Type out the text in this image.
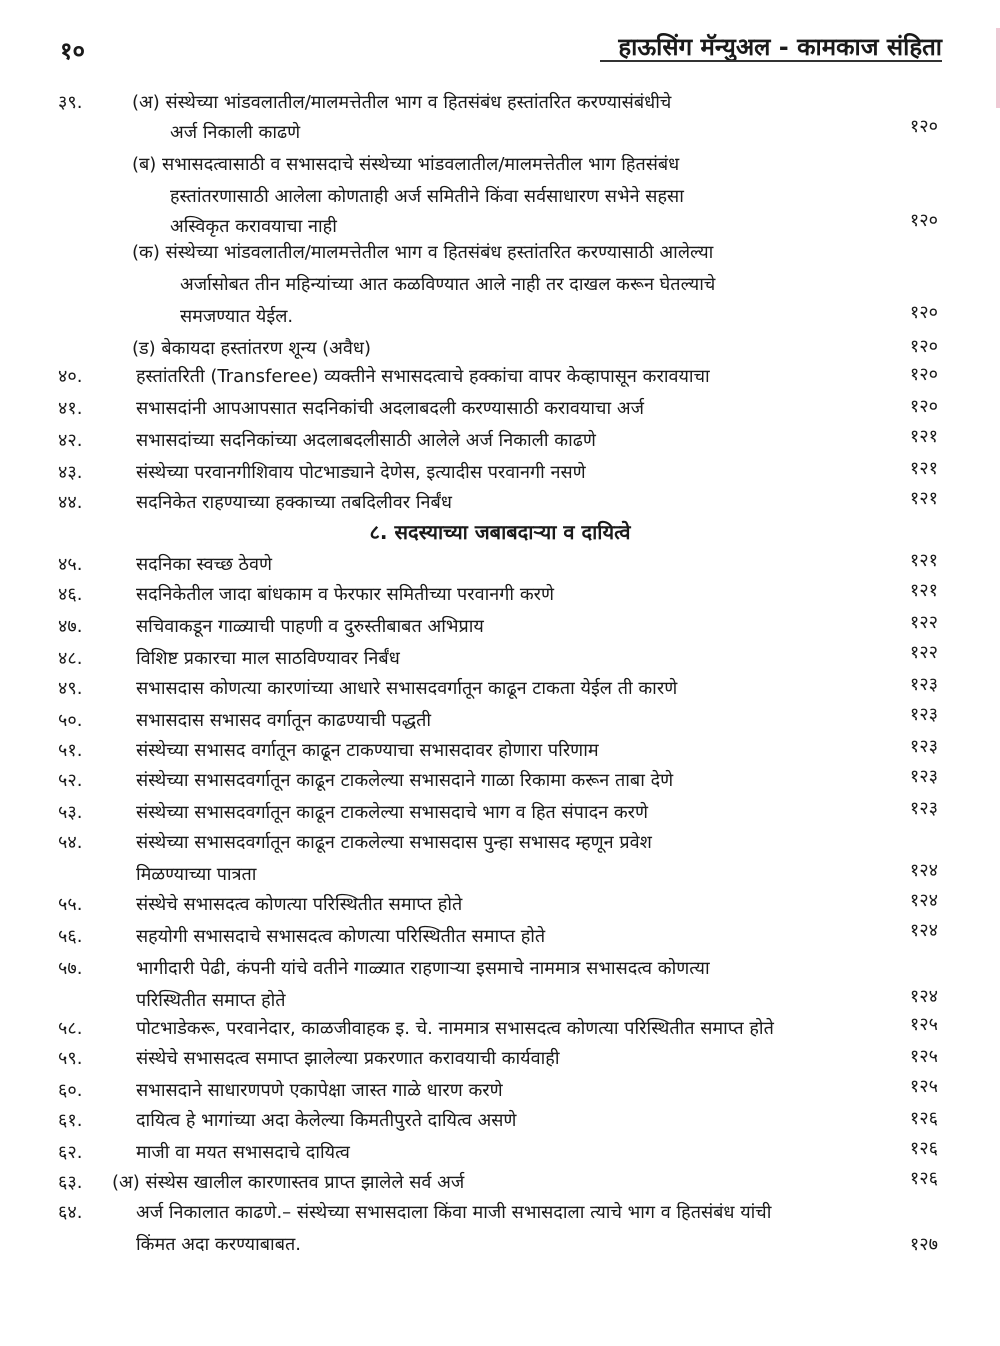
१०	हाऊसिंग मॅन्युअल - कामकाज संहिता
३९.	(अ) संस्थेच्या भांडवलातील/मालमत्तेतील भाग व हितसंबंध हस्तांतरित करण्यासंबंधीचे
अर्ज निकाली काढणे	१२०
(ब) सभासदत्वासाठी व सभासदाचे संस्थेच्या भांडवलातील/मालमत्तेतील भाग हितसंबंध
हस्तांतरणासाठी आलेला कोणताही अर्ज समितीने किंवा सर्वसाधारण सभेने सहसा
अस्विकृत करावयाचा नाही	१२०
(क) संस्थेच्या भांडवलातील/मालमत्तेतील भाग व हितसंबंध हस्तांतरित करण्यासाठी आलेल्या
अर्जासोबत तीन महिन्यांच्या आत कळविण्यात आले नाही तर दाखल करून घेतल्याचे
समजण्यात येईल.	१२०
(ड) बेकायदा हस्तांतरण शून्य (अवैध)	१२०
४०.	हस्तांतरिती (Transferee) व्यक्तीने सभासदत्वाचे हक्कांचा वापर केव्हापासून करावयाचा	१२०
४१.	सभासदांनी आपआपसात सदनिकांची अदलाबदली करण्यासाठी करावयाचा अर्ज	१२०
४२.	सभासदांच्या सदनिकांच्या अदलाबदलीसाठी आलेले अर्ज निकाली काढणे	१२१
४३.	संस्थेच्या परवानगीशिवाय पोटभाड्याने देणेस, इत्यादीस परवानगी नसणे	१२१
४४.	सदनिकेत राहण्याच्या हक्काच्या तबदिलीवर निर्बंध	१२१
४५.	सदनिका स्वच्छ ठेवणे	१२१
४६.	सदनिकेतील जादा बांधकाम व फेरफार समितीच्या परवानगी करणे	१२१
४७.	सचिवाकडून गाळ्याची पाहणी व दुरुस्तीबाबत अभिप्राय	१२२
४८.	विशिष्ट प्रकारचा माल साठविण्यावर निर्बंध	१२२
४९.	सभासदास कोणत्या कारणांच्या आधारे सभासदवर्गातून काढून टाकता येईल ती कारणे	१२३
५०.	सभासदास सभासद वर्गातून काढण्याची पद्धती	१२३
५१.	संस्थेच्या सभासद वर्गातून काढून टाकण्याचा सभासदावर होणारा परिणाम	१२३
५२.	संस्थेच्या सभासदवर्गातून काढून टाकलेल्या सभासदाने गाळा रिकामा करून ताबा देणे	१२३
५३.	संस्थेच्या सभासदवर्गातून काढून टाकलेल्या सभासदाचे भाग व हित संपादन करणे	१२३
५४.	संस्थेच्या सभासदवर्गातून काढून टाकलेल्या सभासदास पुन्हा सभासद म्हणून प्रवेश
मिळण्याच्या पात्रता	१२४
५५.	संस्थेचे सभासदत्व कोणत्या परिस्थितीत समाप्त होते	१२४
५६.	सहयोगी सभासदाचे सभासदत्व कोणत्या परिस्थितीत समाप्त होते	१२४
५७.	भागीदारी पेढी, कंपनी यांचे वतीने गाळ्यात राहणाऱ्या इसमाचे नाममात्र सभासदत्व कोणत्या
परिस्थितीत समाप्त होते	१२४
५८.	पोटभाडेकरू, परवानेदार, काळजीवाहक इ. चे. नाममात्र सभासदत्व कोणत्या परिस्थितीत समाप्त होते	१२५
५९.	संस्थेचे सभासदत्व समाप्त झालेल्या प्रकरणात करावयाची कार्यवाही	१२५
६०.	सभासदाने साधारणपणे एकापेक्षा जास्त गाळे धारण करणे	१२५
६१.	दायित्व हे भागांच्या अदा केलेल्या किमतीपुरते दायित्व असणे	१२६
६२.	माजी वा मयत सभासदाचे दायित्व	१२६
६३. (अ) संस्थेस खालील कारणास्तव प्राप्त झालेले सर्व अर्ज	१२६
६४.	अर्ज निकालात काढणे.– संस्थेच्या सभासदाला किंवा माजी सभासदाला त्याचे भाग व हितसंबंध यांची
किंमत अदा करण्याबाबत.	१२७
८. सदस्याच्या जबाबदाऱ्या व दायित्वे
